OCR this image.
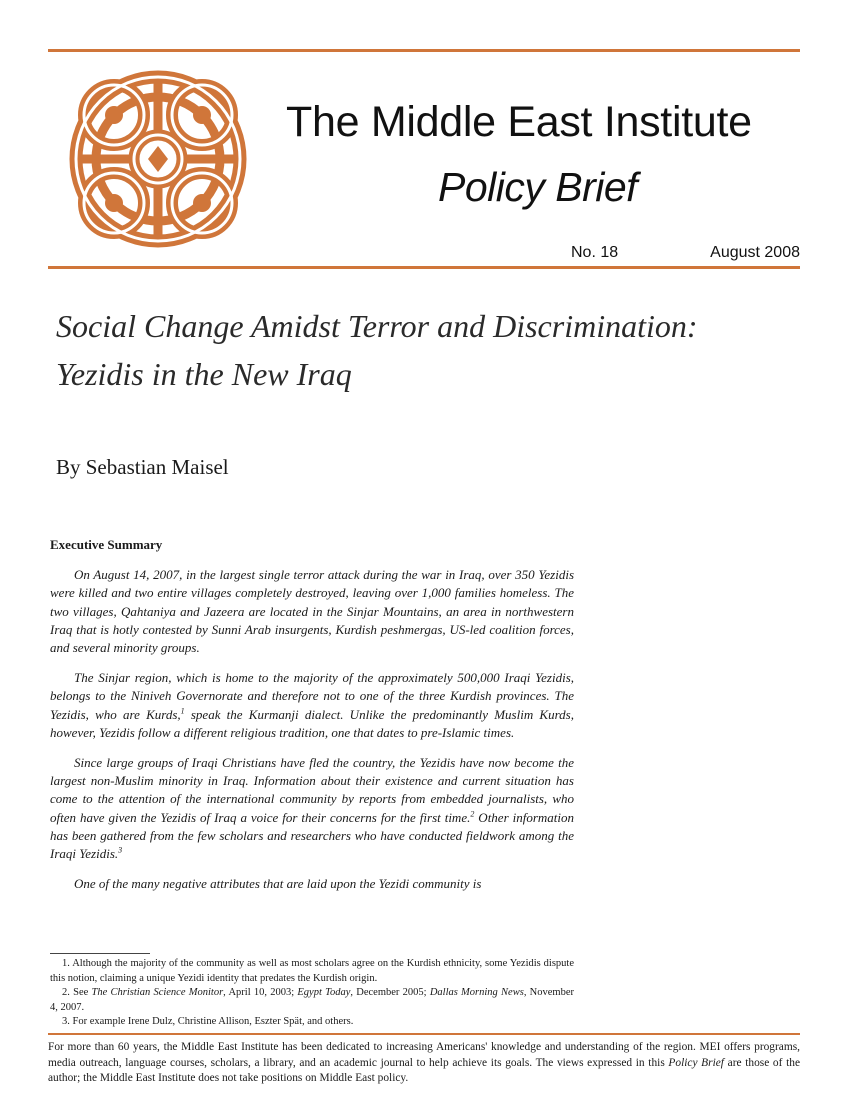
The Middle East Institute
Policy Brief
No. 18	August 2008
Social Change Amidst Terror and Discrimination:
Yezidis in the New Iraq
By Sebastian Maisel
Executive Summary

On August 14, 2007, in the largest single terror attack during the war in Iraq, over 350 Yezidis were killed and two entire villages completely destroyed, leaving over 1,000 families homeless. The two villages, Qahtaniya and Jazeera are located in the Sinjar Mountains, an area in northwestern Iraq that is hotly contested by Sunni Arab insurgents, Kurdish peshmergas, US-led coalition forces, and several minority groups.

The Sinjar region, which is home to the majority of the approximately 500,000 Iraqi Yezidis, belongs to the Niniveh Governorate and therefore not to one of the three Kurdish provinces. The Yezidis, who are Kurds,$^1$ speak the Kurmanji dialect. Unlike the predominantly Muslim Kurds, however, Yezidis follow a different religious tradition, one that dates to pre-Islamic times.

Since large groups of Iraqi Christians have fled the country, the Yezidis have now become the largest non-Muslim minority in Iraq. Information about their existence and current situation has come to the attention of the international community by reports from embedded journalists, who often have given the Yezidis of Iraq a voice for their concerns for the first time.$^2$ Other information has been gathered from the few scholars and researchers who have conducted fieldwork among the Iraqi Yezidis.$^3$

One of the many negative attributes that are laid upon the Yezidi community is

1. Although the majority of the community as well as most scholars agree on the Kurdish ethnicity, some Yezidis dispute this notion, claiming a unique Yezidi identity that predates the Kurdish origin.

2. See The Christian Science Monitor, April 10, 2003; Egypt Today, December 2005; Dallas Morning News, November 4, 2007.

3. For example Irene Dulz, Christine Allison, Eszter Spät, and others.

For more than 60 years, the Middle East Institute has been dedicated to increasing Americans' knowledge and understanding of the region. MEI offers programs, media outreach, language courses, scholars, a library, and an academic journal to help achieve its goals. The views expressed in this Policy Brief are those of the author; the Middle East Institute does not take positions on Middle East policy.
